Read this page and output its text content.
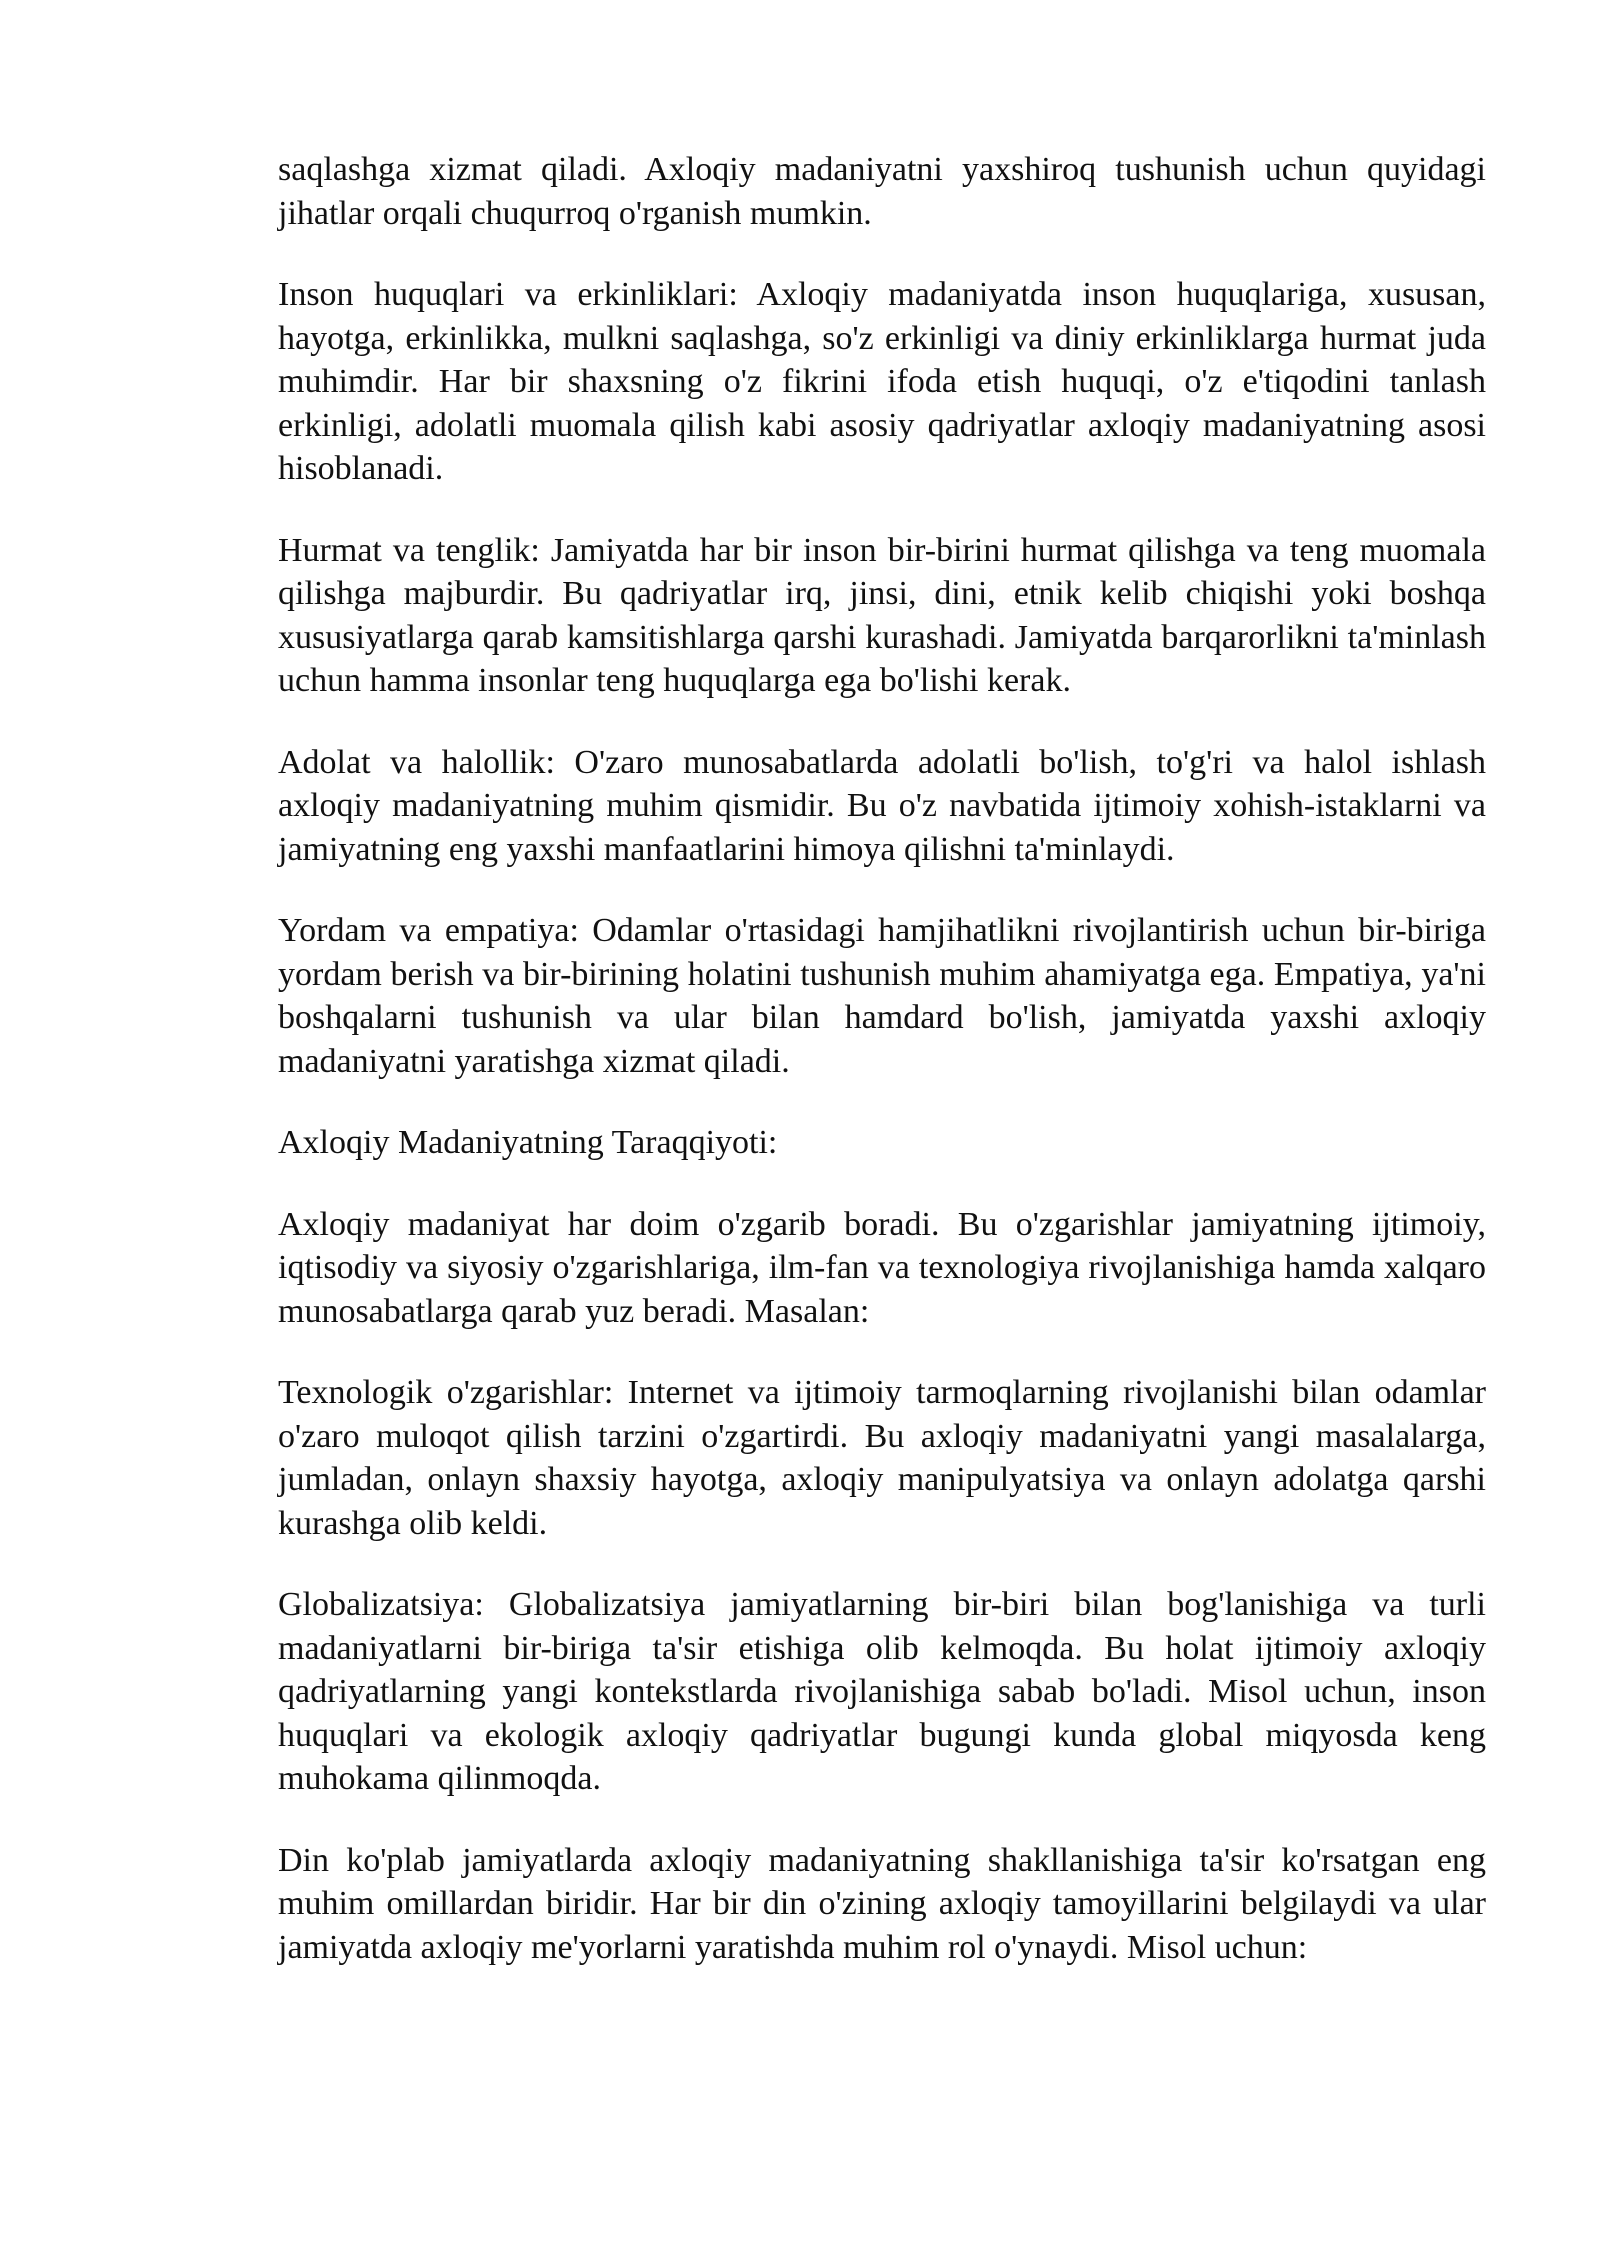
saqlashga xizmat qiladi. Axloqiy madaniyatni yaxshiroq tushunish uchun quyidagi jihatlar orqali chuqurroq o'rganish mumkin.

Inson huquqlari va erkinliklari: Axloqiy madaniyatda inson huquqlariga, xususan, hayotga, erkinlikka, mulkni saqlashga, so'z erkinligi va diniy erkinliklarga hurmat juda muhimdir. Har bir shaxsning o'z fikrini ifoda etish huquqi, o'z e'tiqodini tanlash erkinligi, adolatli muomala qilish kabi asosiy qadriyatlar axloqiy madaniyatning asosi hisoblanadi.

Hurmat va tenglik: Jamiyatda har bir inson bir-birini hurmat qilishga va teng muomala qilishga majburdir. Bu qadriyatlar irq, jinsi, dini, etnik kelib chiqishi yoki boshqa xususiyatlarga qarab kamsitishlarga qarshi kurashadi. Jamiyatda barqarorlikni ta'minlash uchun hamma insonlar teng huquqlarga ega bo'lishi kerak.

Adolat va halollik: O'zaro munosabatlarda adolatli bo'lish, to'g'ri va halol ishlash axloqiy madaniyatning muhim qismidir. Bu o'z navbatida ijtimoiy xohish-istaklarni va jamiyatning eng yaxshi manfaatlarini himoya qilishni ta'minlaydi.

Yordam va empatiya: Odamlar o'rtasidagi hamjihatlikni rivojlantirish uchun bir-biriga yordam berish va bir-birining holatini tushunish muhim ahamiyatga ega. Empatiya, ya'ni boshqalarni tushunish va ular bilan hamdard bo'lish, jamiyatda yaxshi axloqiy madaniyatni yaratishga xizmat qiladi.

Axloqiy Madaniyatning Taraqqiyoti:

Axloqiy madaniyat har doim o'zgarib boradi. Bu o'zgarishlar jamiyatning ijtimoiy, iqtisodiy va siyosiy o'zgarishlariga, ilm-fan va texnologiya rivojlanishiga hamda xalqaro munosabatlarga qarab yuz beradi. Masalan:

Texnologik o'zgarishlar: Internet va ijtimoiy tarmoqlarning rivojlanishi bilan odamlar o'zaro muloqot qilish tarzini o'zgartirdi. Bu axloqiy madaniyatni yangi masalalarga, jumladan, onlayn shaxsiy hayotga, axloqiy manipulyatsiya va onlayn adolatga qarshi kurashga olib keldi.

Globalizatsiya: Globalizatsiya jamiyatlarning bir-biri bilan bog'lanishiga va turli madaniyatlarni bir-biriga ta'sir etishiga olib kelmoqda. Bu holat ijtimoiy axloqiy qadriyatlarning yangi kontekstlarda rivojlanishiga sabab bo'ladi. Misol uchun, inson huquqlari va ekologik axloqiy qadriyatlar bugungi kunda global miqyosda keng muhokama qilinmoqda.

Din ko'plab jamiyatlarda axloqiy madaniyatning shakllanishiga ta'sir ko'rsatgan eng muhim omillardan biridir. Har bir din o'zining axloqiy tamoyillarini belgilaydi va ular jamiyatda axloqiy me'yorlarni yaratishda muhim rol o'ynaydi. Misol uchun:
